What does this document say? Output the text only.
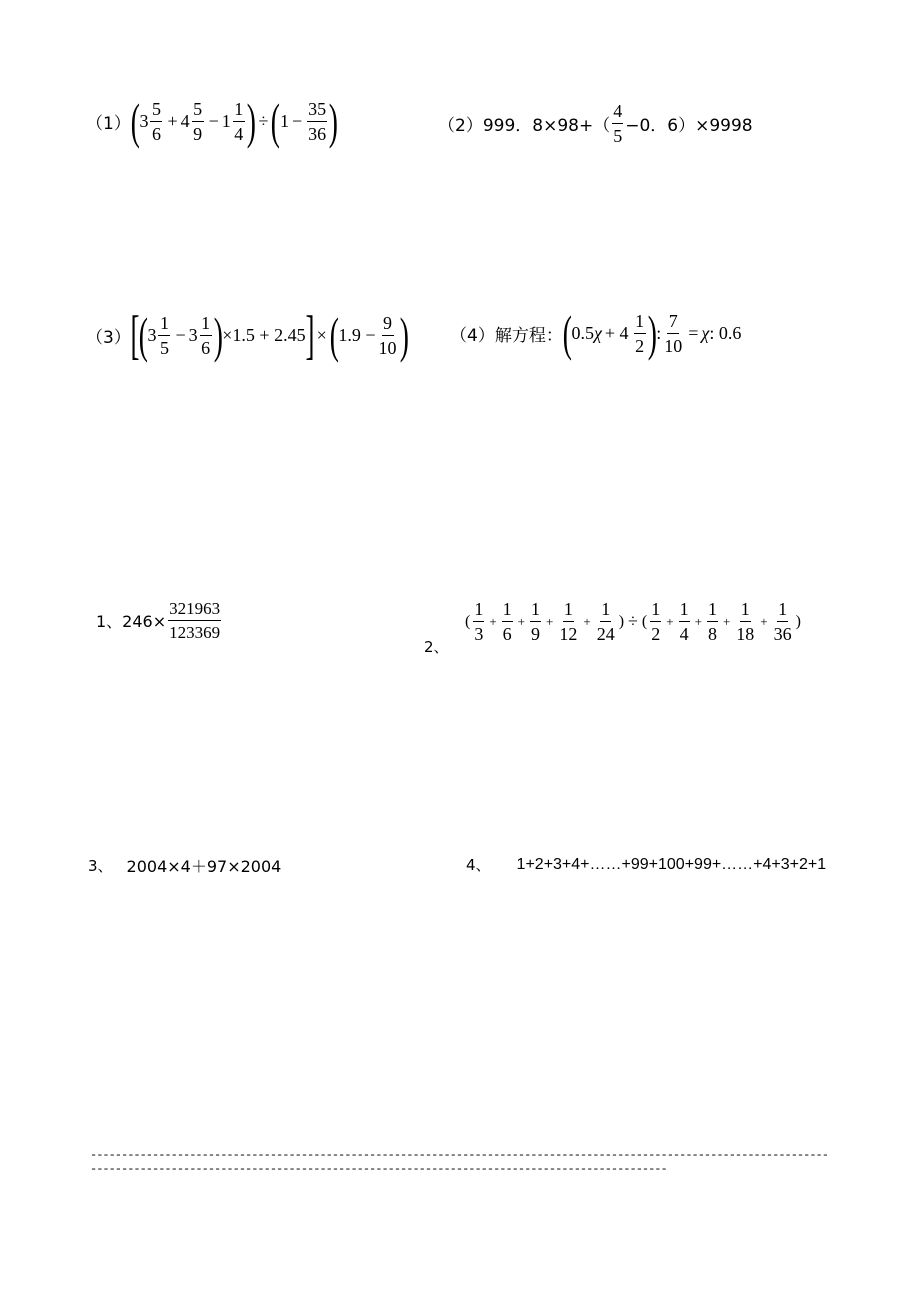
（1） ( $3 \frac{5}{6} + 4 \frac{5}{9} - 1 \frac{1}{4}$ ) ÷ ( $1 - \frac{35}{36}$ )	（2） 999．$8\times 98+( \frac{4}{5} -0$．6）×9998
（3） [ ( $3 \frac{1}{5} - 3 \frac{1}{6}$ ) ×1.5 + 2.45 ] × ( $1.9 - \frac{9}{10}$ ) （4）解方程： ( 0.5 $\chi + 4 \frac{1}{2}$ ) : $\frac{7}{10} = \chi$ : 0.6
1、$246\times \frac{321963}{123369}$
2、
( $\frac{1}{3} + \frac{1}{6} + \frac{1}{9} + \frac{1}{12} + \frac{1}{24}$ ) ÷ ( $\frac{1}{2} + \frac{1}{4} + \frac{1}{8} + \frac{1}{18} + \frac{1}{36}$ )
3、 2004×4＋97×2004	4、 1+2+3+4+……+99+100+99+……+4+3+2+1
--------------------------------------------------------------------------------------------------------------------------------------------------------------------------------------------------------------------
